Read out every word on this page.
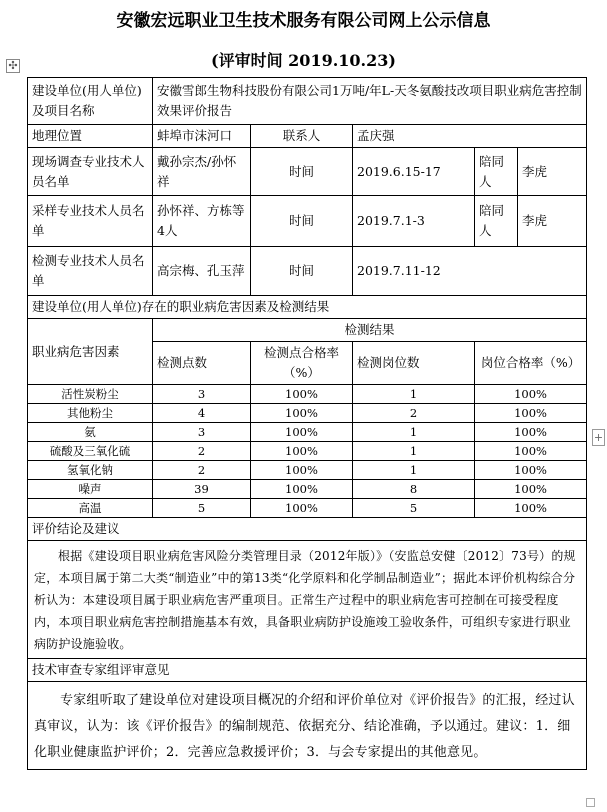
安徽宏远职业卫生技术服务有限公司网上公示信息
(评审时间 2019.10.23)
✣
+
建设单位(用人单位)及项目名称	安徽雪郎生物科技股份有限公司1万吨/年L-天冬氨酸技改项目职业病危害控制效果评价报告				
地理位置	蚌埠市沫河口	联系人	孟庆强		
现场调查专业技术人员名单	戴孙宗杰/孙怀祥	时间	2019.6.15-17	陪同人	李虎
采样专业技术人员名单	孙怀祥、方栋等4人	时间	2019.7.1-3	陪同人	李虎
检测专业技术人员名单	高宗梅、孔玉萍	时间	2019.7.11-12		
建设单位(用人单位)存在的职业病危害因素及检测结果					
职业病危害因素	检测结果				
	检测点数	检测点合格率（%）	检测岗位数	岗位合格率（%）	
活性炭粉尘	3	100%	1	100%	
其他粉尘	4	100%	2	100%	
氨	3	100%	1	100%	
硫酸及三氧化硫	2	100%	1	100%	
氢氧化钠	2	100%	1	100%	
噪声	39	100%	8	100%	
高温	5	100%	5	100%	
评价结论及建议					
根据《建设项目职业病危害风险分类管理目录（2012年版）》（安监总安健〔2012〕73号）的规定，本项目属于第二大类“制造业”中的第13类“化学原料和化学制品制造业”；据此本评价机构综合分析认为：本建设项目属于职业病危害严重项目。正常生产过程中的职业病危害可控制在可接受程度内，本项目职业病危害控制措施基本有效，具备职业病防护设施竣工验收条件，可组织专家进行职业病防护设施验收。					
技术审查专家组评审意见					
专家组听取了建设单位对建设项目概况的介绍和评价单位对《评价报告》的汇报，经过认真审议，认为：该《评价报告》的编制规范、依据充分、结论准确，予以通过。建议：1．细化职业健康监护评价；2．完善应急救援评价；3．与会专家提出的其他意见。					
